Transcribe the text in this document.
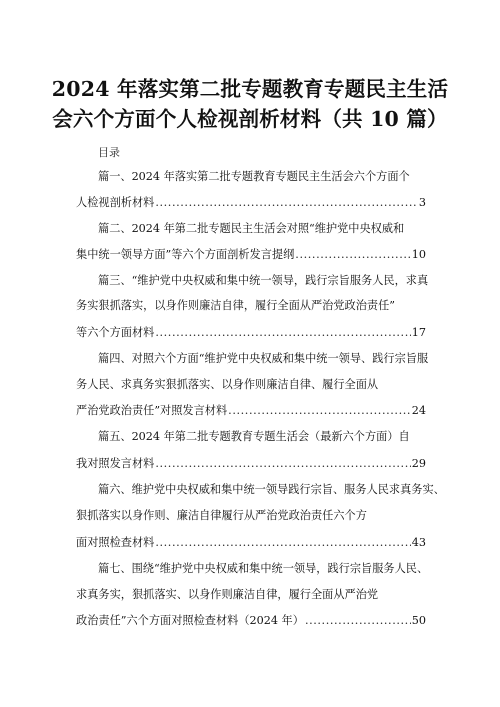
2024 年落实第二批专题教育专题民主生活
会六个方面个人检视剖析材料（共 10 篇）
目录
篇一、2024 年落实第二批专题教育专题民主生活会六个方面个
人检视剖析材料 .....	3
篇二、2024 年第二批专题民主生活会对照“维护党中央权威和
集中统一领导方面”等六个方面剖析发言提纲 .....	10
篇三、“维护党中央权威和集中统一领导，践行宗旨服务人民，求真
务实狠抓落实，以身作则廉洁自律，履行全面从严治党政治责任”
等六个方面材料 .....	17
篇四、对照六个方面“维护党中央权威和集中统一领导、践行宗旨服
务人民、求真务实狠抓落实、以身作则廉洁自律、履行全面从
严治党政治责任”对照发言材料 .....	24
篇五、2024 年第二批专题教育专题生活会（最新六个方面）自
我对照发言材料 .....	29
篇六、维护党中央权威和集中统一领导践行宗旨、服务人民求真务实、
狠抓落实以身作则、廉洁自律履行从严治党政治责任六个方
面对照检查材料 .....	43
篇七、围绕“维护党中央权威和集中统一领导，践行宗旨服务人民、
求真务实，狠抓落实、以身作则廉洁自律，履行全面从严治党
政治责任”六个方面对照检查材料（2024 年） .....	50
